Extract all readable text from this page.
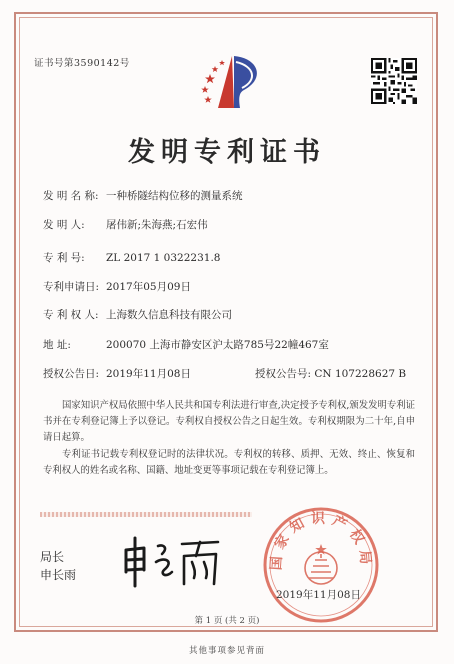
证书号第3590142号
发明专利证书
发 明 名 称: 一种桥隧结构位移的测量系统
发 明 人: 屠伟新;朱海燕;石宏伟
专 利 号: ZL 2017 1 0322231.8
专利申请日: 2017年05月09日
专 利 权 人: 上海数久信息科技有限公司
地 址:	200070 上海市静安区沪太路785号22幢467室
授权公告日: 2019年11月08日	授权公告号: CN 107228627 B
国家知识产权局依照中华人民共和国专利法进行审查,决定授予专利权,颁发发明专利证书并在专利登记簿上予以登记。专利权自授权公告之日起生效。专利权期限为二十年,自申请日起算。
专利证书记载专利权登记时的法律状况。专利权的转移、质押、无效、终止、恢复和专利权人的姓名或名称、国籍、地址变更等事项记载在专利登记簿上。
局长
申长雨
国家知识产权局
2019年11月08日
第 1 页 (共 2 页)
其他事项参见背面
